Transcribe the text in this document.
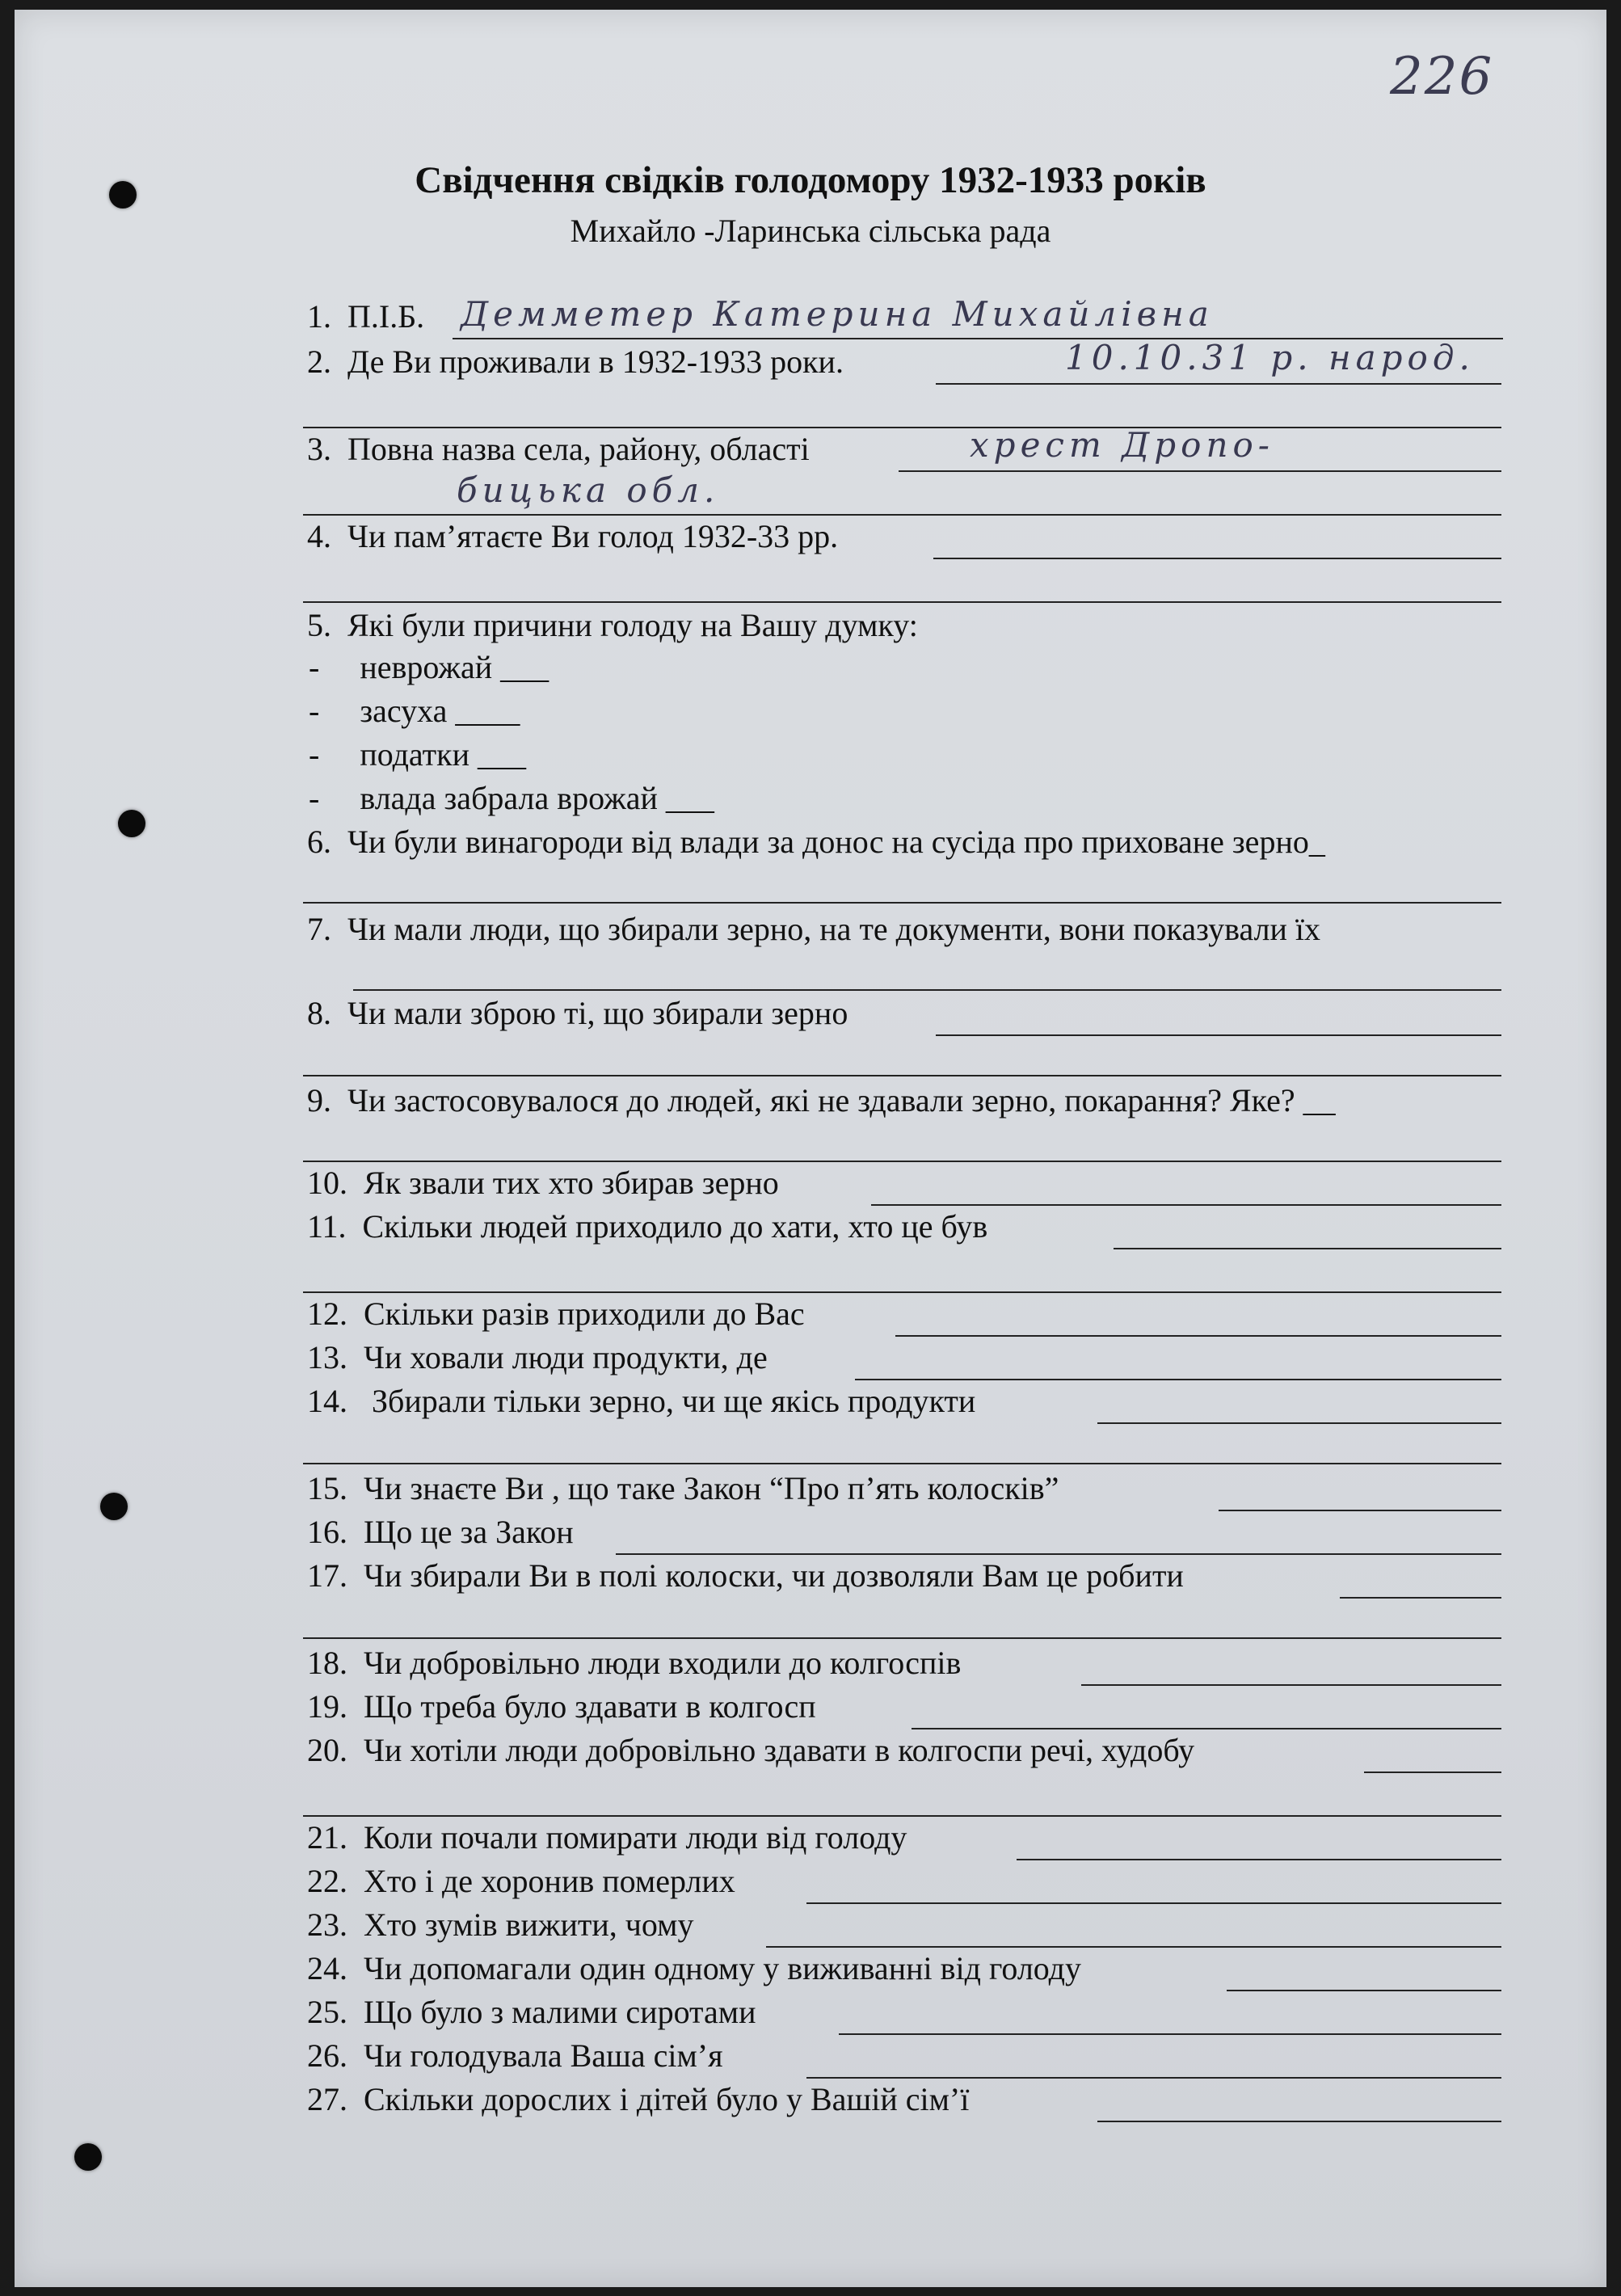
226
Свідчення свідків голодомору 1932-1933 років
Михайло -Ларинська сільська рада
1. П.І.Б. Демметер Катерина Михайлівна
2. Де Ви проживали в 1932-1933 роки.	10.10.31 р. народ.
3. Повна назва села, району, області	хрест Дропо-
бицька обл.
4. Чи пам’ятаєте Ви голод 1932-33 рр.
5. Які були причини голоду на Вашу думку:
- неврожай ___
- засуха ____
- податки ___
- влада забрала врожай ___
6. Чи були винагороди від влади за донос на сусіда про приховане зерно_
7. Чи мали люди, що збирали зерно, на те документи, вони показували їх
8. Чи мали зброю ті, що збирали зерно
9. Чи застосовувалося до людей, які не здавали зерно, покарання? Яке? __
10. Як звали тих хто збирав зерно
11. Скільки людей приходило до хати, хто це був
12. Скільки разів приходили до Вас
13. Чи ховали люди продукти, де
14. Збирали тільки зерно, чи ще якісь продукти
15. Чи знаєте Ви , що таке Закон “Про п’ять колосків”
16. Що це за Закон
17. Чи збирали Ви в полі колоски, чи дозволяли Вам це робити
18. Чи добровільно люди входили до колгоспів
19. Що треба було здавати в колгосп
20. Чи хотіли люди добровільно здавати в колгоспи речі, худобу
21. Коли почали помирати люди від голоду
22. Хто і де хоронив померлих
23. Хто зумів вижити, чому
24. Чи допомагали один одному у виживанні від голоду
25. Що було з малими сиротами
26. Чи голодувала Ваша сім’я
27. Скільки дорослих і дітей було у Вашій сім’ї
